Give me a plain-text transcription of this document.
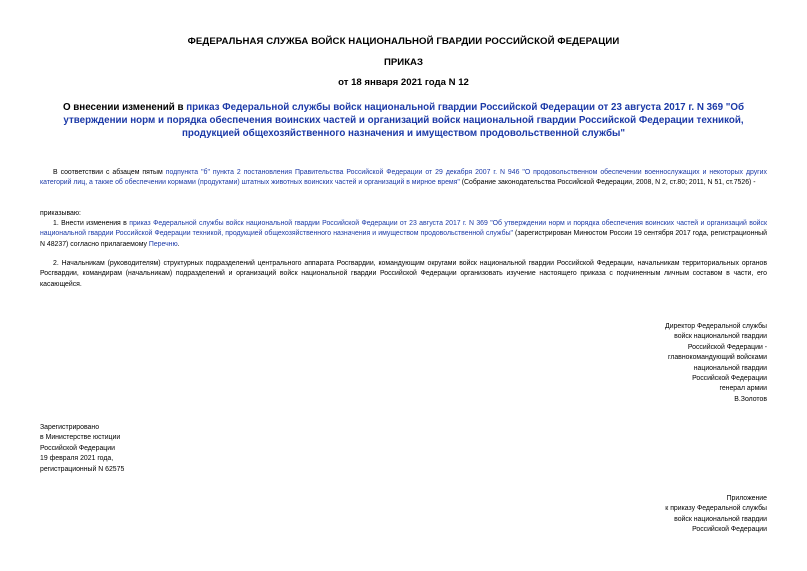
ФЕДЕРАЛЬНАЯ СЛУЖБА ВОЙСК НАЦИОНАЛЬНОЙ ГВАРДИИ РОССИЙСКОЙ ФЕДЕРАЦИИ
ПРИКАЗ
от 18 января 2021 года N 12
О внесении изменений в приказ Федеральной службы войск национальной гвардии Российской Федерации от 23 августа 2017 г. N 369 "Об утверждении норм и порядка обеспечения воинских частей и организаций войск национальной гвардии Российской Федерации техникой, продукцией общехозяйственного назначения и имуществом продовольственной службы"
В соответствии с абзацем пятым подпункта "б" пункта 2 постановления Правительства Российской Федерации от 29 декабря 2007 г. N 946 "О продовольственном обеспечении военнослужащих и некоторых других категорий лиц, а также об обеспечении кормами (продуктами) штатных животных воинских частей и организаций в мирное время" (Собрание законодательства Российской Федерации, 2008, N 2, ст.80; 2011, N 51, ст.7526) -
приказываю:
1. Внести изменения в приказ Федеральной службы войск национальной гвардии Российской Федерации от 23 августа 2017 г. N 369 "Об утверждении норм и порядка обеспечения воинских частей и организаций войск национальной гвардии Российской Федерации техникой, продукцией общехозяйственного назначения и имуществом продовольственной службы" (зарегистрирован Минюстом России 19 сентября 2017 года, регистрационный N 48237) согласно прилагаемому Перечню.
2. Начальникам (руководителям) структурных подразделений центрального аппарата Росгвардии, командующим округами войск национальной гвардии Российской Федерации, начальникам территориальных органов Росгвардии, командирам (начальникам) подразделений и организаций войск национальной гвардии Российской Федерации организовать изучение настоящего приказа с подчиненным личным составом в части, его касающейся.
Директор Федеральной службы
войск национальной гвардии
Российской Федерации -
главнокомандующий войсками
национальной гвардии
Российской Федерации
генерал армии
В.Золотов
Зарегистрировано
в Министерстве юстиции
Российской Федерации
19 февраля 2021 года,
регистрационный N 62575
Приложение
к приказу Федеральной службы
войск национальной гвардии
Российской Федерации
